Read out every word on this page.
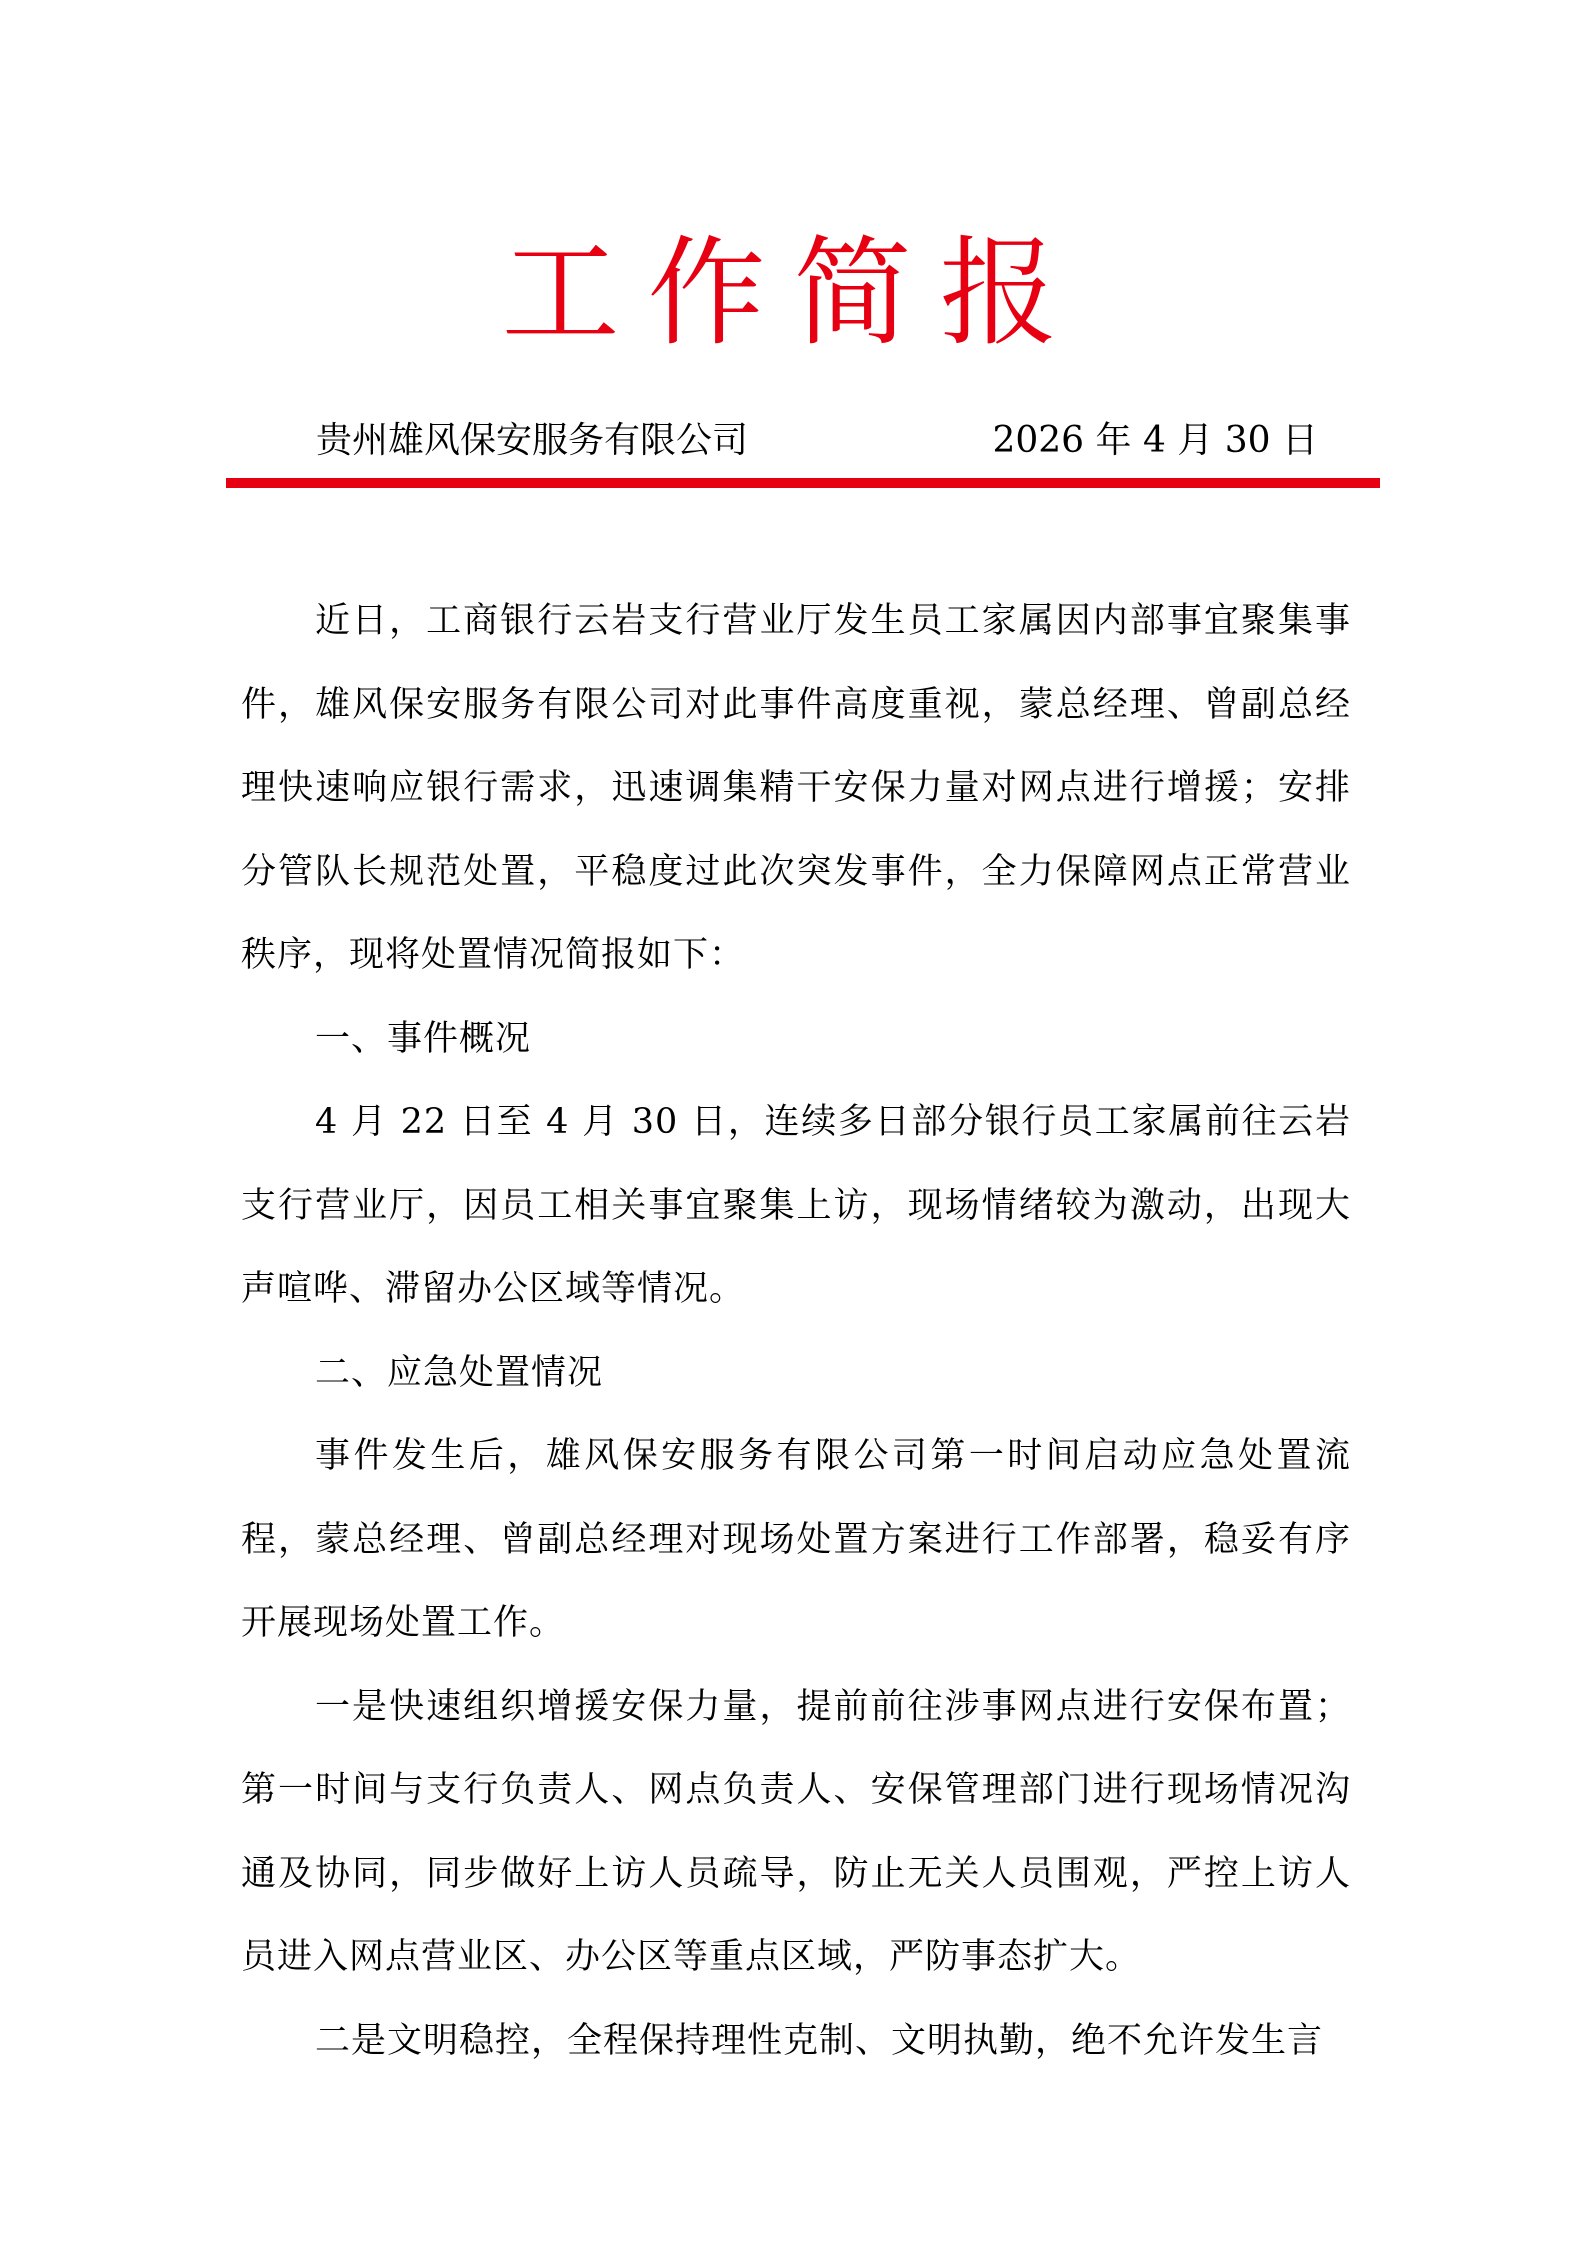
工作简报
贵州雄风保安服务有限公司	2026 年 4 月 30 日

近日，工商银行云岩支行营业厅发生员工家属因内部事宜聚集事件，雄风保安服务有限公司对此事件高度重视，蒙总经理、曾副总经理快速响应银行需求，迅速调集精干安保力量对网点进行增援；安排分管队长规范处置，平稳度过此次突发事件，全力保障网点正常营业秩序，现将处置情况简报如下：

一、事件概况

4 月 22 日至 4 月 30 日，连续多日部分银行员工家属前往云岩支行营业厅，因员工相关事宜聚集上访，现场情绪较为激动，出现大声喧哗、滞留办公区域等情况。

二、应急处置情况

事件发生后，雄风保安服务有限公司第一时间启动应急处置流程，蒙总经理、曾副总经理对现场处置方案进行工作部署，稳妥有序开展现场处置工作。

一是快速组织增援安保力量，提前前往涉事网点进行安保布置；第一时间与支行负责人、网点负责人、安保管理部门进行现场情况沟通及协同，同步做好上访人员疏导，防止无关人员围观，严控上访人员进入网点营业区、办公区等重点区域，严防事态扩大。

二是文明稳控，全程保持理性克制、文明执勤，绝不允许发生言
